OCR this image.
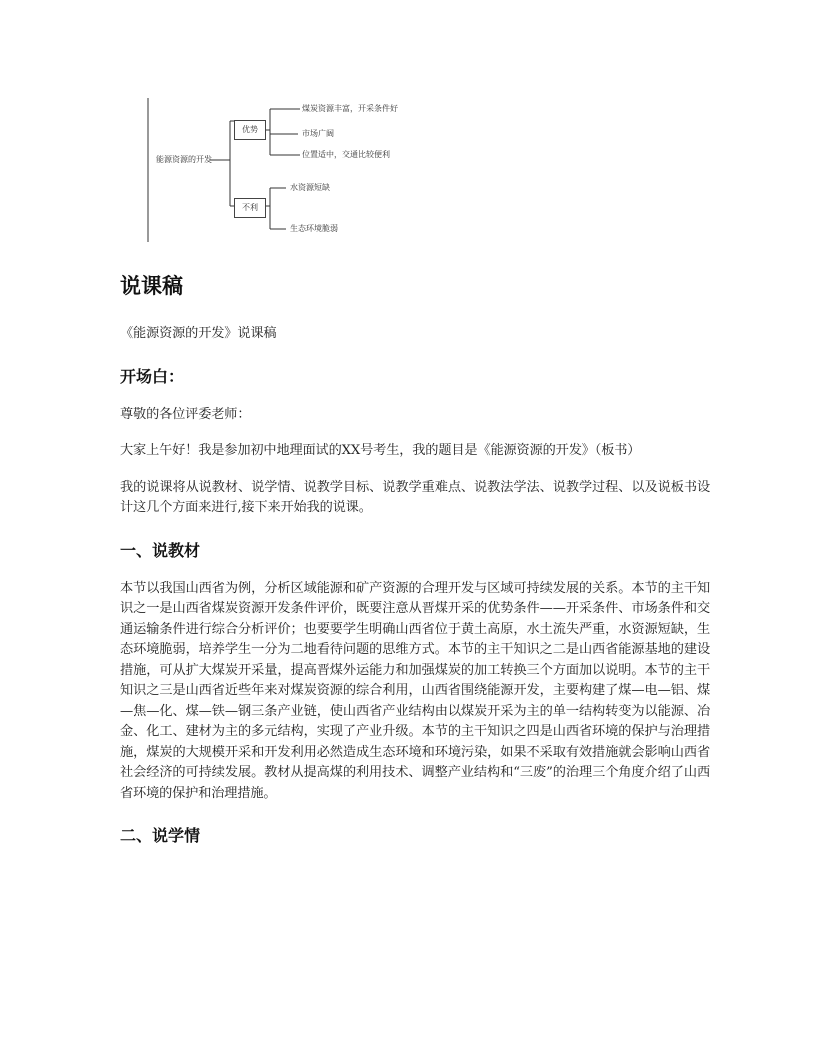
能源资源的开发
优势
煤炭资源丰富，开采条件好
市场广阔
位置适中，交通比较便利
不利
水资源短缺
生态环境脆弱
说课稿

《能源资源的开发》说课稿

开场白：

尊敬的各位评委老师：

大家上午好！我是参加初中地理面试的XX号考生，我的题目是《能源资源的开发》（板书）

我的说课将从说教材、说学情、说教学目标、说教学重难点、说教法学法、说教学过程、以及说板书设计这几个方面来进行,接下来开始我的说课。

一、说教材

本节以我国山西省为例，分析区域能源和矿产资源的合理开发与区域可持续发展的关系。本节的主干知识之一是山西省煤炭资源开发条件评价，既要注意从晋煤开采的优势条件——开采条件、市场条件和交通运输条件进行综合分析评价；也要要学生明确山西省位于黄土高原，水土流失严重，水资源短缺，生态环境脆弱，培养学生一分为二地看待问题的思维方式。本节的主干知识之二是山西省能源基地的建设措施，可从扩大煤炭开采量，提高晋煤外运能力和加强煤炭的加工转换三个方面加以说明。本节的主干知识之三是山西省近些年来对煤炭资源的综合利用，山西省围绕能源开发，主要构建了煤—电—铝、煤—焦—化、煤—铁—钢三条产业链，使山西省产业结构由以煤炭开采为主的单一结构转变为以能源、冶金、化工、建材为主的多元结构，实现了产业升级。本节的主干知识之四是山西省环境的保护与治理措施，煤炭的大规模开采和开发利用必然造成生态环境和环境污染，如果不采取有效措施就会影响山西省社会经济的可持续发展。教材从提高煤的利用技术、调整产业结构和“三废”的治理三个角度介绍了山西省环境的保护和治理措施。

二、说学情
